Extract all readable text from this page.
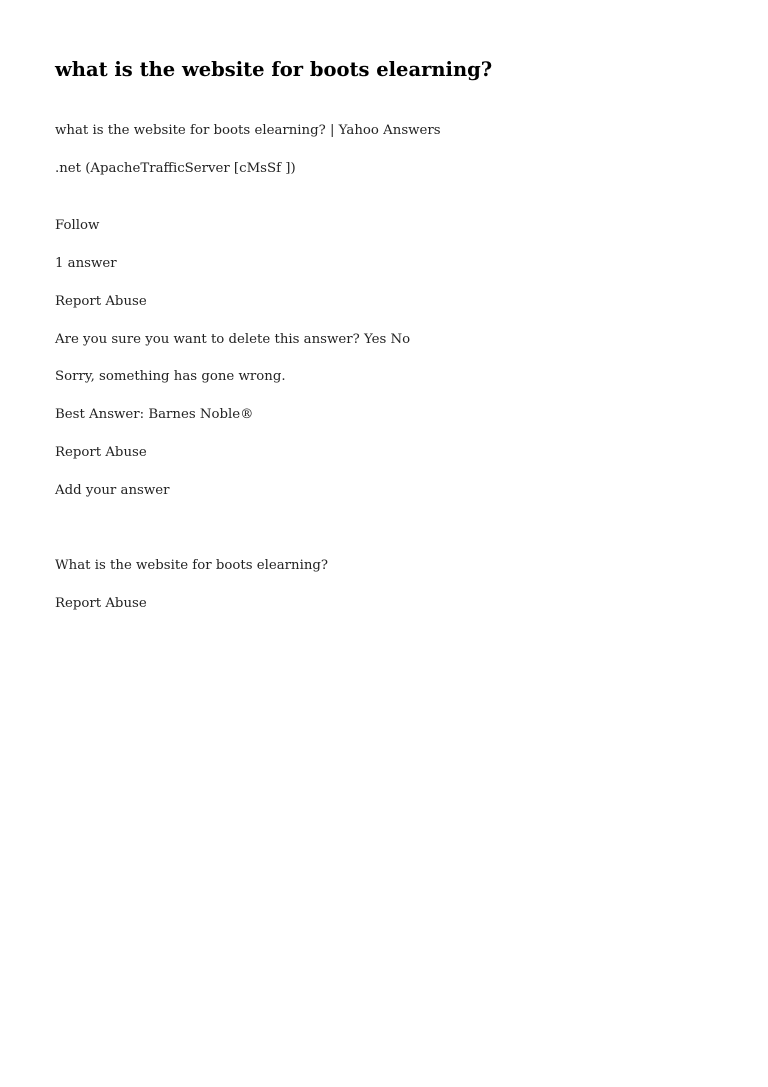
what is the website for boots elearning?

what is the website for boots elearning? | Yahoo Answers

.net (ApacheTrafficServer [cMsSf ])

Follow

1 answer

Report Abuse

Are you sure you want to delete this answer? Yes No

Sorry, something has gone wrong.

Best Answer: Barnes Noble®

Report Abuse

Add your answer

What is the website for boots elearning?

Report Abuse
